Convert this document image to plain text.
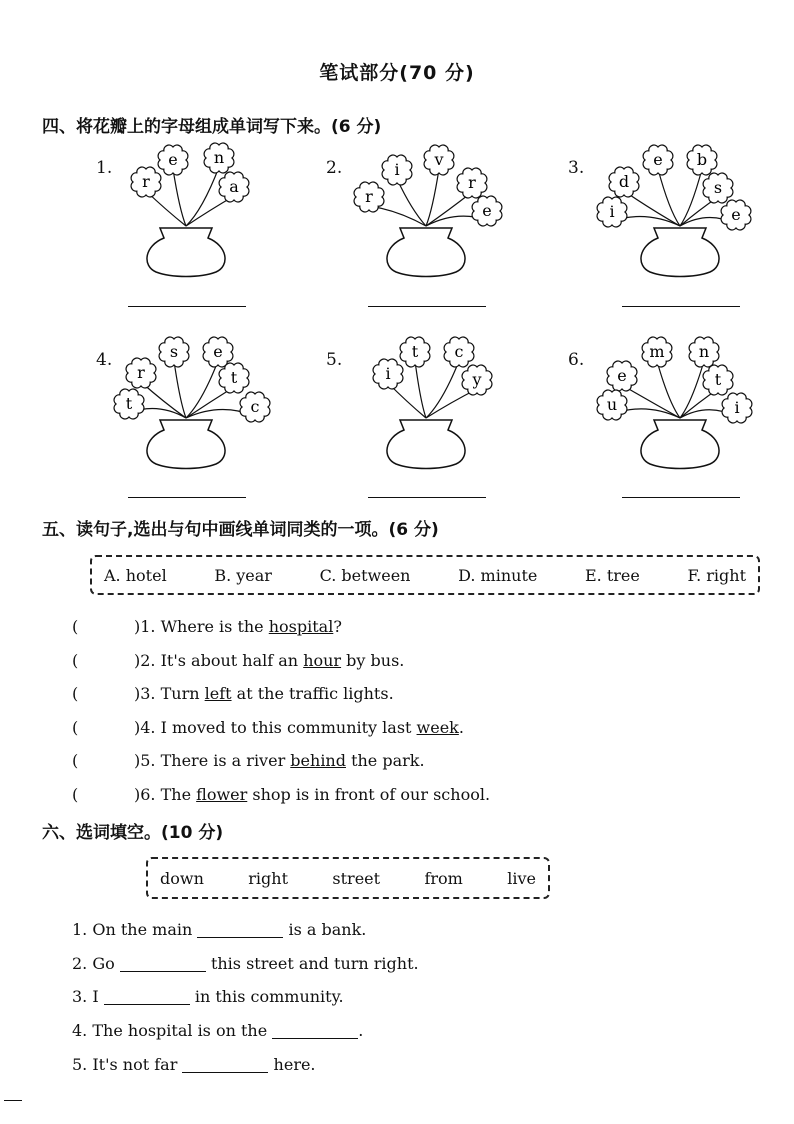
笔试部分(70 分)
四、将花瓣上的字母组成单词写下来。(6 分)
e n
r	a
v
i
r
r
e
e b
d	s
i	e
s e
r	t
t	c
t c
i	y
m n
e	t
u	i
1.	2.	3.
4.	5.	6.
五、读句子,选出与句中画线单词同类的一项。(6 分)
A. hotel	B. year	C. between	D. minute	E. tree	F. right
(	)1. Where is the hospital?
(	)2. It's about half an hour by bus.
(	)3. Turn left at the traffic lights.
(	)4. I moved to this community last week.
(	)5. There is a river behind the park.
(	)6. The flower shop is in front of our school.
六、选词填空。(10 分)
down	right	street	from	live
1. On the main	is a bank.
2. Go	this street and turn right.
3. I	in this community.
4. The hospital is on the	.
5. It's not far	here.
